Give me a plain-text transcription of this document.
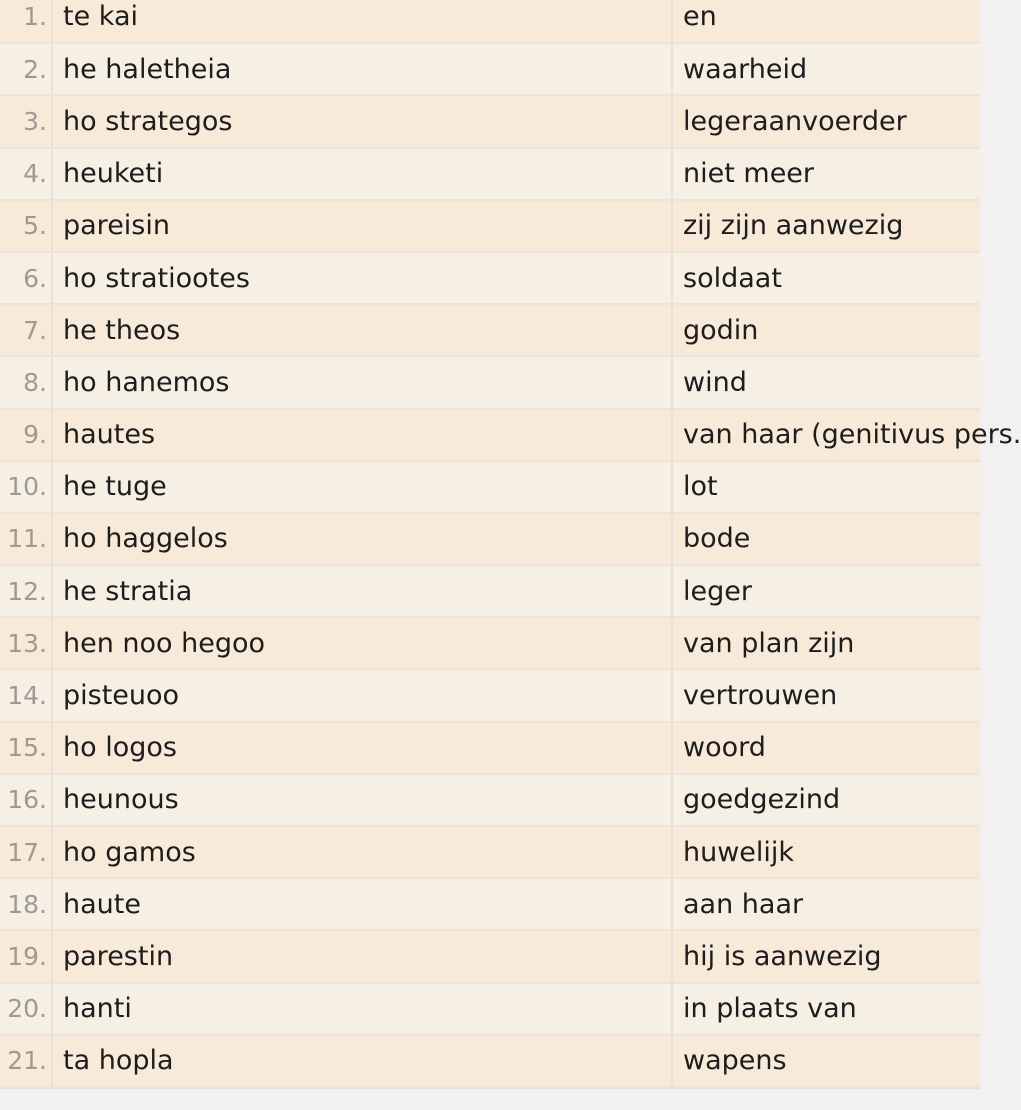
1.	te kai	en
2.	he haletheia	waarheid
3.	ho strategos	legeraanvoerder
4.	heuketi	niet meer
5.	pareisin	zij zijn aanwezig
6.	ho stratiootes	soldaat
7.	he theos	godin
8.	ho hanemos	wind
9.	hautes	van haar (genitivus pers.
10.	he tuge	lot
11.	ho haggelos	bode
12.	he stratia	leger
13.	hen noo hegoo	van plan zijn
14.	pisteuoo	vertrouwen
15.	ho logos	woord
16.	heunous	goedgezind
17.	ho gamos	huwelijk
18.	haute	aan haar
19.	parestin	hij is aanwezig
20.	hanti	in plaats van
21.	ta hopla	wapens
